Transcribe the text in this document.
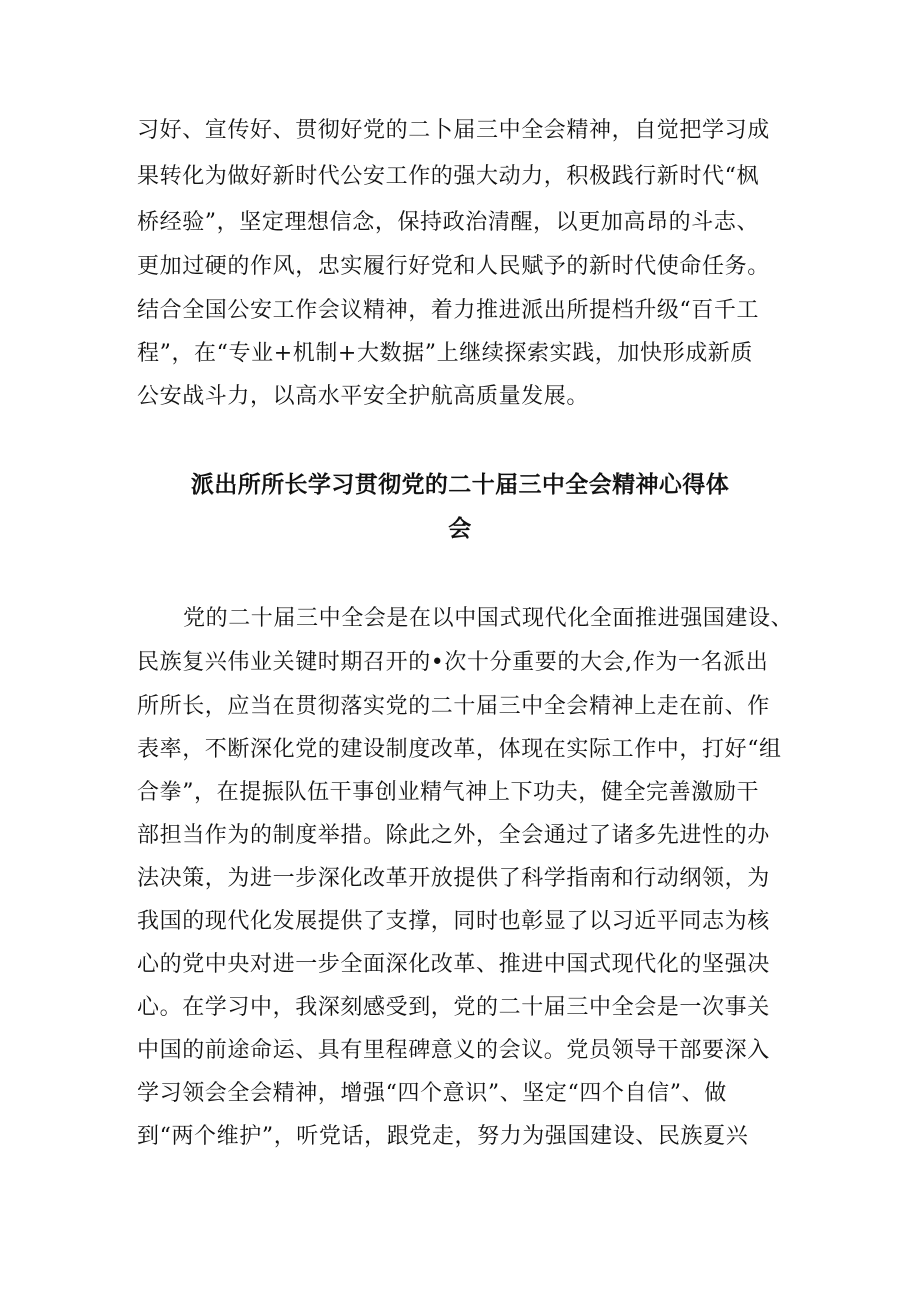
习好、宣传好、贯彻好党的二卜届三中全会精神，自觉把学习成
果转化为做好新时代公安工作的强大动力，积极践行新时代“枫
桥经验”，坚定理想信念，保持政治清醒，以更加高昂的斗志、
更加过硬的作风，忠实履行好党和人民赋予的新时代使命任务。
结合全国公安工作会议精神，着力推进派出所提档升级“百千工
程”，在“专业+机制+大数据”上继续探索实践，加快形成新质
公安战斗力，以高水平安全护航高质量发展。
派出所所长学习贯彻党的二十届三中全会精神心得体
会
党的二十届三中全会是在以中国式现代化全面推进强国建设、
民族复兴伟业关键时期召开的•次十分重要的大会,作为一名派出
所所长，应当在贯彻落实党的二十届三中全会精神上走在前、作
表率，不断深化党的建设制度改革，体现在实际工作中，打好“组
合拳”，在提振队伍干事创业精气神上下功夫，健全完善激励干
部担当作为的制度举措。除此之外，全会通过了诸多先进性的办
法决策，为进一步深化改革开放提供了科学指南和行动纲领，为
我国的现代化发展提供了支撑，同时也彰显了以习近平同志为核
心的党中央对进一步全面深化改革、推进中国式现代化的坚强决
心。在学习中，我深刻感受到，党的二十届三中全会是一次事关
中国的前途命运、具有里程碑意义的会议。党员领导干部要深入
学习领会全会精神，增强“四个意识”、坚定“四个自信”、做
到“两个维护”，听党话，跟党走，努力为强国建设、民族夏兴
